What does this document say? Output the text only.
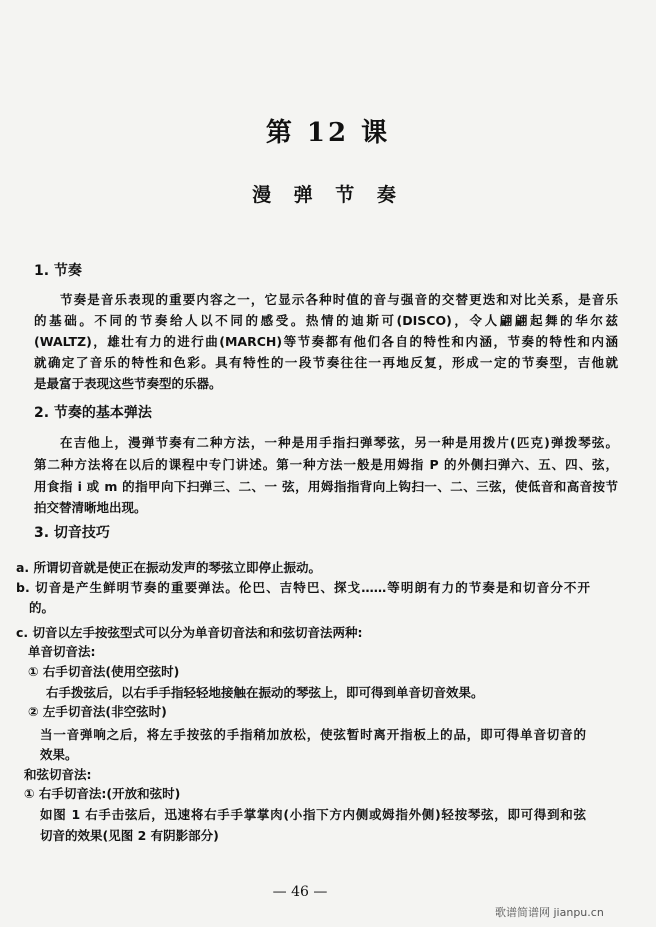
第 12 课
漫 弹 节 奏
1. 节奏
节奏是音乐表现的重要内容之一，它显示各种时值的音与强音的交替更迭和对比关系，是音乐
的基础。不同的节奏给人以不同的感受。热情的迪斯可(DISCO)，令人翩翩起舞的华尔兹
(WALTZ)，雄壮有力的进行曲(MARCH)等节奏都有他们各自的特性和内涵，节奏的特性和内涵
就确定了音乐的特性和色彩。具有特性的一段节奏往往一再地反复，形成一定的节奏型，吉他就
是最富于表现这些节奏型的乐器。
2. 节奏的基本弹法
在吉他上，漫弹节奏有二种方法，一种是用手指扫弹琴弦，另一种是用拨片(匹克)弹拨琴弦。
第二种方法将在以后的课程中专门讲述。第一种方法一般是用姆指 P 的外侧扫弹六、五、四、弦，
用食指 i 或 m 的指甲向下扫弹三、二、一 弦，用姆指指背向上钩扫一、二、三弦，使低音和高音按节
拍交替清晰地出现。
3. 切音技巧
a. 所谓切音就是使正在振动发声的琴弦立即停止振动。
b. 切音是产生鲜明节奏的重要弹法。伦巴、吉特巴、探戈……等明朗有力的节奏是和切音分不开
的。
c. 切音以左手按弦型式可以分为单音切音法和和弦切音法两种:
单音切音法:
① 右手切音法(使用空弦时)
右手拨弦后，以右手手指轻轻地接触在振动的琴弦上，即可得到单音切音效果。
② 左手切音法(非空弦时)
当一音弹响之后，将左手按弦的手指稍加放松，使弦暂时离开指板上的品，即可得单音切音的
效果。
和弦切音法:
① 右手切音法:(开放和弦时)
如图 1 右手击弦后，迅速将右手手掌掌肉(小指下方内侧或姆指外侧)轻按琴弦，即可得到和弦
切音的效果(见图 2 有阴影部分)
— 46 —
歌谱简谱网 jianpu.cn
